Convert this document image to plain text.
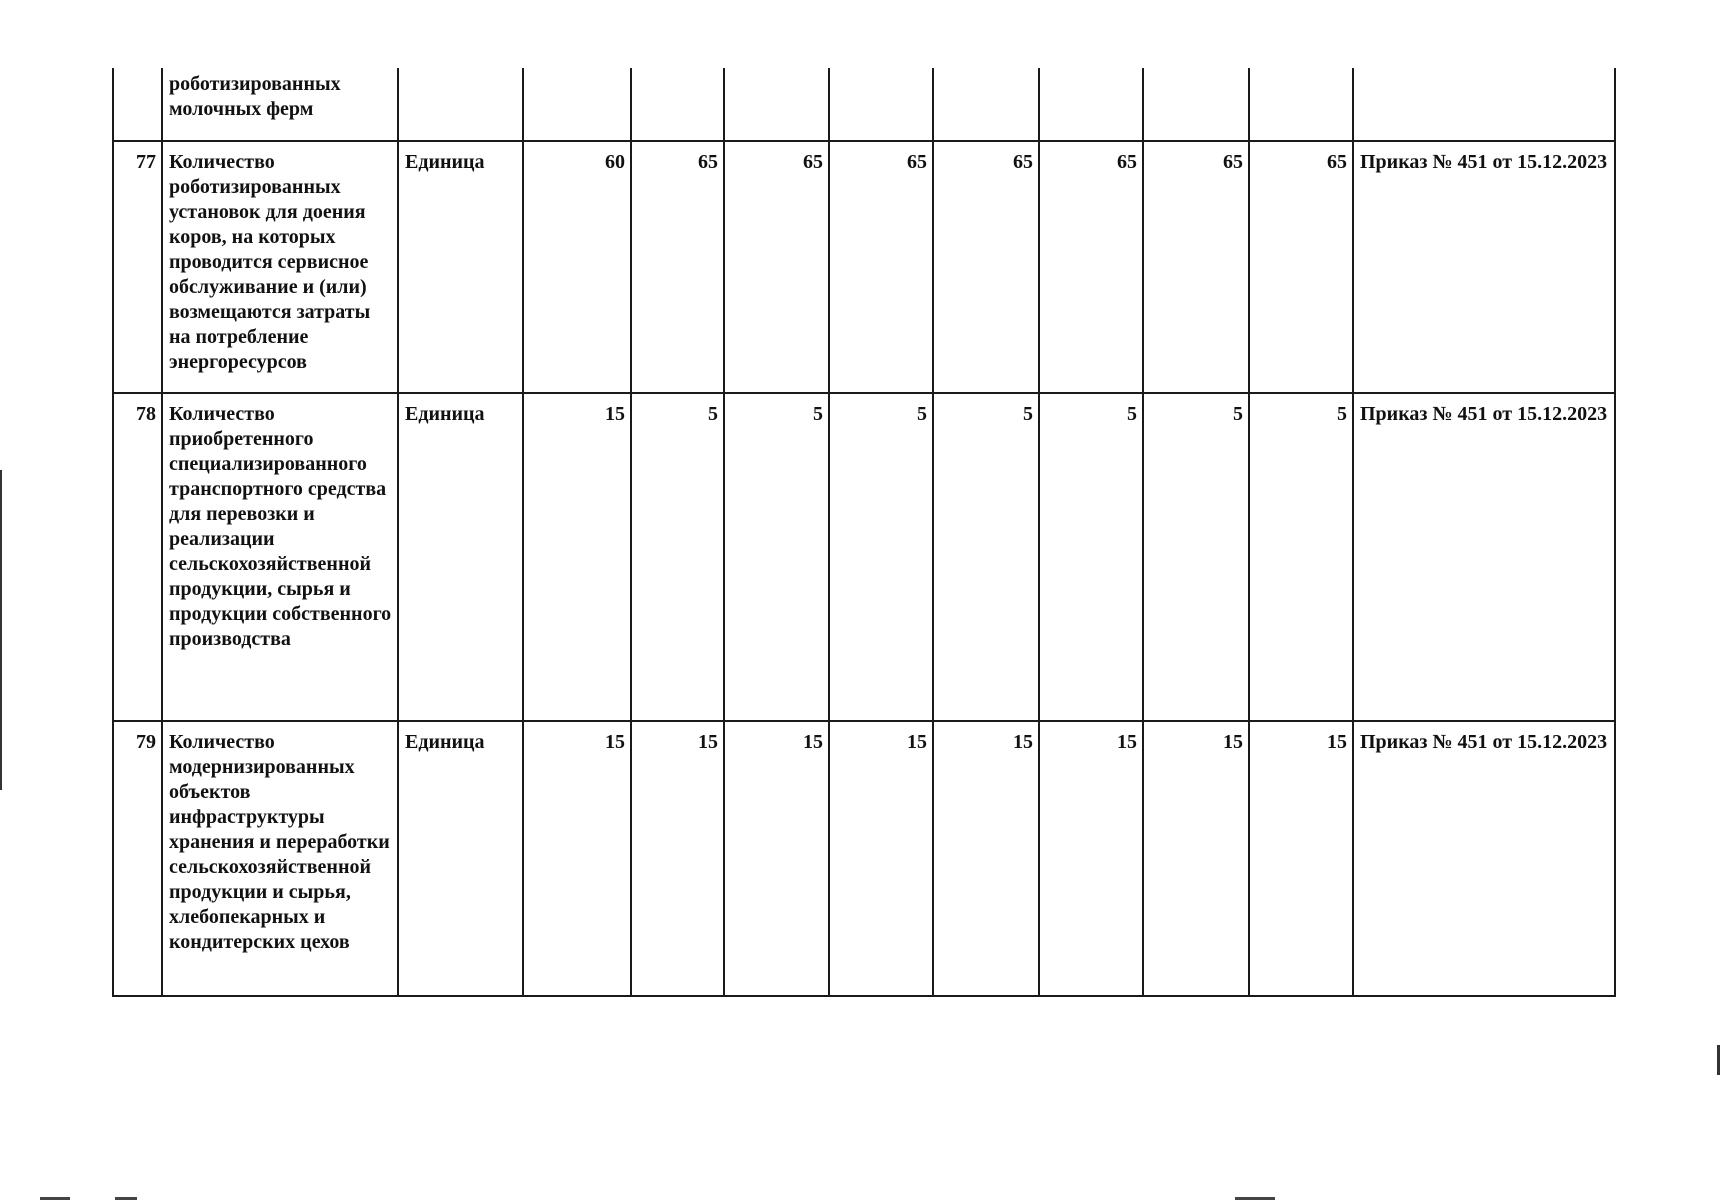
	роботизированных молочных ферм										
77	Количество роботизированных установок для доения коров, на которых проводится сервисное обслуживание и (или) возмещаются затраты на потребление энергоресурсов	Единица	60	65	65	65	65	65	65	65	Приказ № 451 от 15.12.2023
78	Количество приобретенного специализированного транспортного средства для перевозки и реализации сельскохозяйственной продукции, сырья и продукции собственного производства	Единица	15	5	5	5	5	5	5	5	Приказ № 451 от 15.12.2023
79	Количество модернизированных объектов инфраструктуры хранения и переработки сельскохозяйственной продукции и сырья, хлебопекарных и кондитерских цехов	Единица	15	15	15	15	15	15	15	15	Приказ № 451 от 15.12.2023
